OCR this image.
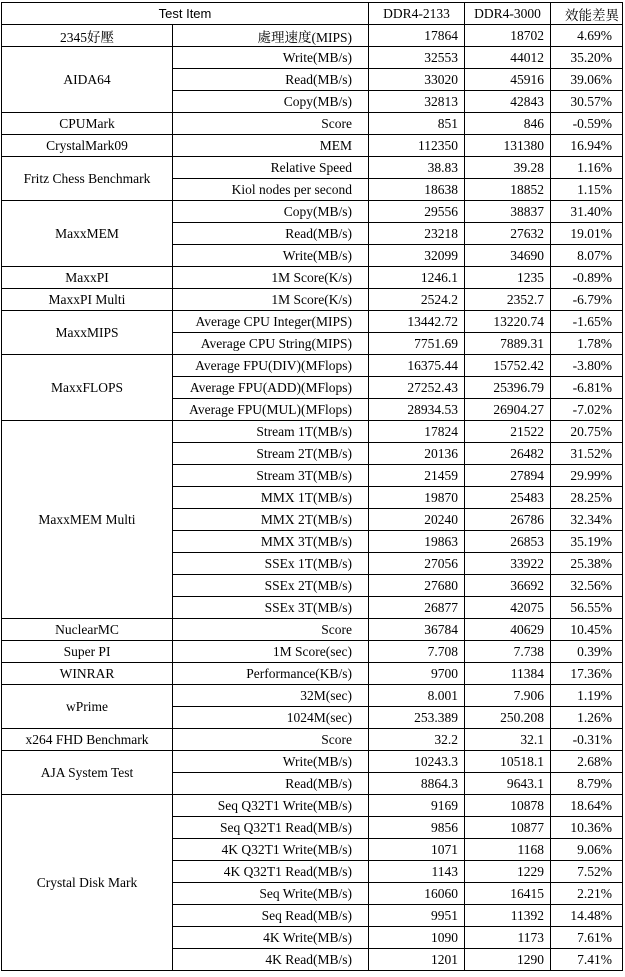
Test Item		DDR4-2133	DDR4-3000	效能差異
2345好壓	處理速度(MIPS)	17864	18702	4.69%
AIDA64	Write(MB/s)	32553	44012	35.20%
	Read(MB/s)	33020	45916	39.06%
	Copy(MB/s)	32813	42843	30.57%
CPUMark	Score	851	846	-0.59%
CrystalMark09	MEM	112350	131380	16.94%
Fritz Chess Benchmark	Relative Speed	38.83	39.28	1.16%
	Kiol nodes per second	18638	18852	1.15%
MaxxMEM	Copy(MB/s)	29556	38837	31.40%
	Read(MB/s)	23218	27632	19.01%
	Write(MB/s)	32099	34690	8.07%
MaxxPI	1M Score(K/s)	1246.1	1235	-0.89%
MaxxPI Multi	1M Score(K/s)	2524.2	2352.7	-6.79%
MaxxMIPS	Average CPU Integer(MIPS)	13442.72	13220.74	-1.65%
	Average CPU String(MIPS)	7751.69	7889.31	1.78%
MaxxFLOPS	Average FPU(DIV)(MFlops)	16375.44	15752.42	-3.80%
	Average FPU(ADD)(MFlops)	27252.43	25396.79	-6.81%
	Average FPU(MUL)(MFlops)	28934.53	26904.27	-7.02%
MaxxMEM Multi	Stream 1T(MB/s)	17824	21522	20.75%
	Stream 2T(MB/s)	20136	26482	31.52%
	Stream 3T(MB/s)	21459	27894	29.99%
	MMX 1T(MB/s)	19870	25483	28.25%
	MMX 2T(MB/s)	20240	26786	32.34%
	MMX 3T(MB/s)	19863	26853	35.19%
	SSEx 1T(MB/s)	27056	33922	25.38%
	SSEx 2T(MB/s)	27680	36692	32.56%
	SSEx 3T(MB/s)	26877	42075	56.55%
NuclearMC	Score	36784	40629	10.45%
Super PI	1M Score(sec)	7.708	7.738	0.39%
WINRAR	Performance(KB/s)	9700	11384	17.36%
wPrime	32M(sec)	8.001	7.906	1.19%
	1024M(sec)	253.389	250.208	1.26%
x264 FHD Benchmark	Score	32.2	32.1	-0.31%
AJA System Test	Write(MB/s)	10243.3	10518.1	2.68%
	Read(MB/s)	8864.3	9643.1	8.79%
Crystal Disk Mark	Seq Q32T1 Write(MB/s)	9169	10878	18.64%
	Seq Q32T1 Read(MB/s)	9856	10877	10.36%
	4K Q32T1 Write(MB/s)	1071	1168	9.06%
	4K Q32T1 Read(MB/s)	1143	1229	7.52%
	Seq Write(MB/s)	16060	16415	2.21%
	Seq Read(MB/s)	9951	11392	14.48%
	4K Write(MB/s)	1090	1173	7.61%
	4K Read(MB/s)	1201	1290	7.41%
